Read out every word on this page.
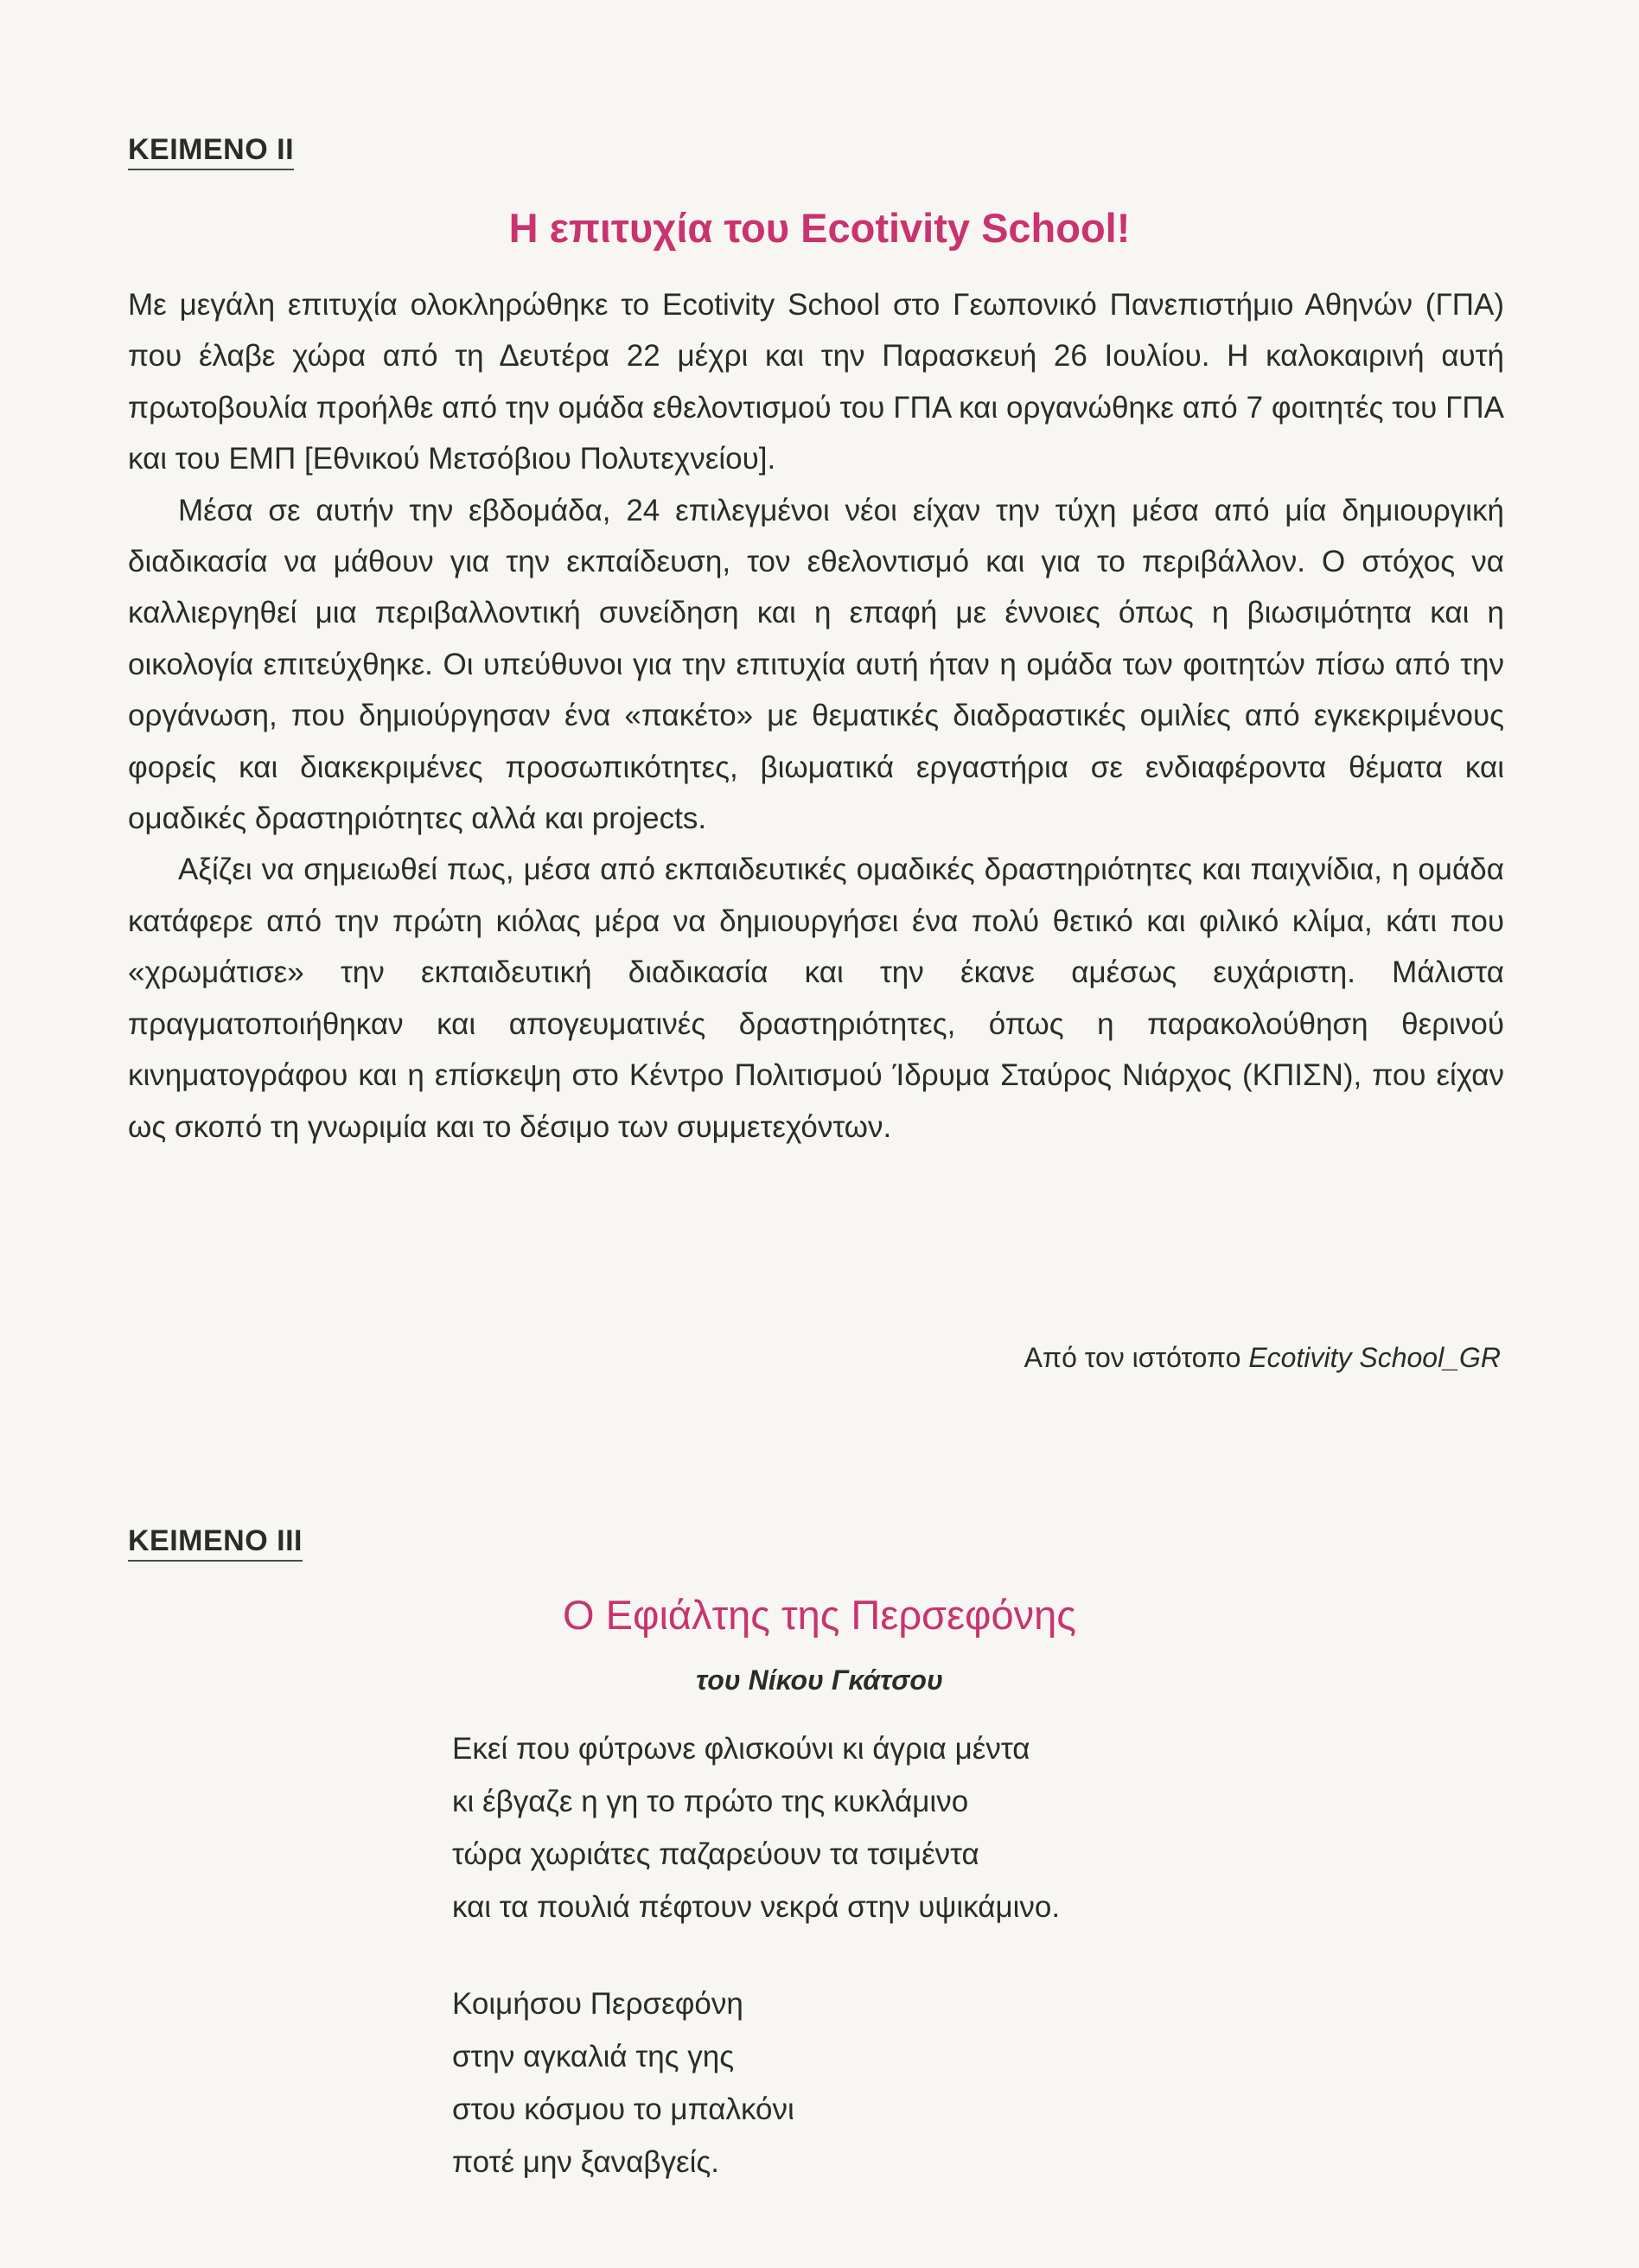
ΚΕΙΜΕΝΟ ΙΙ
Η επιτυχία του Ecotivity School!

Με μεγάλη επιτυχία ολοκληρώθηκε το Ecotivity School στο Γεωπονικό Πανεπιστήμιο Αθηνών (ΓΠΑ) που έλαβε χώρα από τη Δευτέρα 22 μέχρι και την Παρασκευή 26 Ιουλίου. Η καλοκαιρινή αυτή πρωτοβουλία προήλθε από την ομάδα εθελοντισμού του ΓΠΑ και οργανώθηκε από 7 φοιτητές του ΓΠΑ και του ΕΜΠ [Εθνικού Μετσόβιου Πολυτεχνείου].

Μέσα σε αυτήν την εβδομάδα, 24 επιλεγμένοι νέοι είχαν την τύχη μέσα από μία δημιουργική διαδικασία να μάθουν για την εκπαίδευση, τον εθελοντισμό και για το περιβάλλον. Ο στόχος να καλλιεργηθεί μια περιβαλλοντική συνείδηση και η επαφή με έννοιες όπως η βιωσιμότητα και η οικολογία επιτεύχθηκε. Οι υπεύθυνοι για την επιτυχία αυτή ήταν η ομάδα των φοιτητών πίσω από την οργάνωση, που δημιούργησαν ένα «πακέτο» με θεματικές διαδραστικές ομιλίες από εγκεκριμένους φορείς και διακεκριμένες προσωπικότητες, βιωματικά εργαστήρια σε ενδιαφέροντα θέματα και ομαδικές δραστηριότητες αλλά και projects.

Αξίζει να σημειωθεί πως, μέσα από εκπαιδευτικές ομαδικές δραστηριότητες και παιχνίδια, η ομάδα κατάφερε από την πρώτη κιόλας μέρα να δημιουργήσει ένα πολύ θετικό και φιλικό κλίμα, κάτι που «χρωμάτισε» την εκπαιδευτική διαδικασία και την έκανε αμέσως ευχάριστη. Μάλιστα πραγματοποιήθηκαν και απογευματινές δραστηριότητες, όπως η παρακολούθηση θερινού κινηματογράφου και η επίσκεψη στο Κέντρο Πολιτισμού Ίδρυμα Σταύρος Νιάρχος (ΚΠΙΣΝ), που είχαν ως σκοπό τη γνωριμία και το δέσιμο των συμμετεχόντων.

Από τον ιστότοπο Ecotivity School_GR
ΚΕΙΜΕΝΟ ΙΙΙ
Ο Εφιάλτης της Περσεφόνης
του Νίκου Γκάτσου
Εκεί που φύτρωνε φλισκούνι κι άγρια μέντα
κι έβγαζε η γη το πρώτο της κυκλάμινο
τώρα χωριάτες παζαρεύουν τα τσιμέντα
και τα πουλιά πέφτουν νεκρά στην υψικάμινο.
Κοιμήσου Περσεφόνη
στην αγκαλιά της γης
στου κόσμου το μπαλκόνι
ποτέ μην ξαναβγείς.
